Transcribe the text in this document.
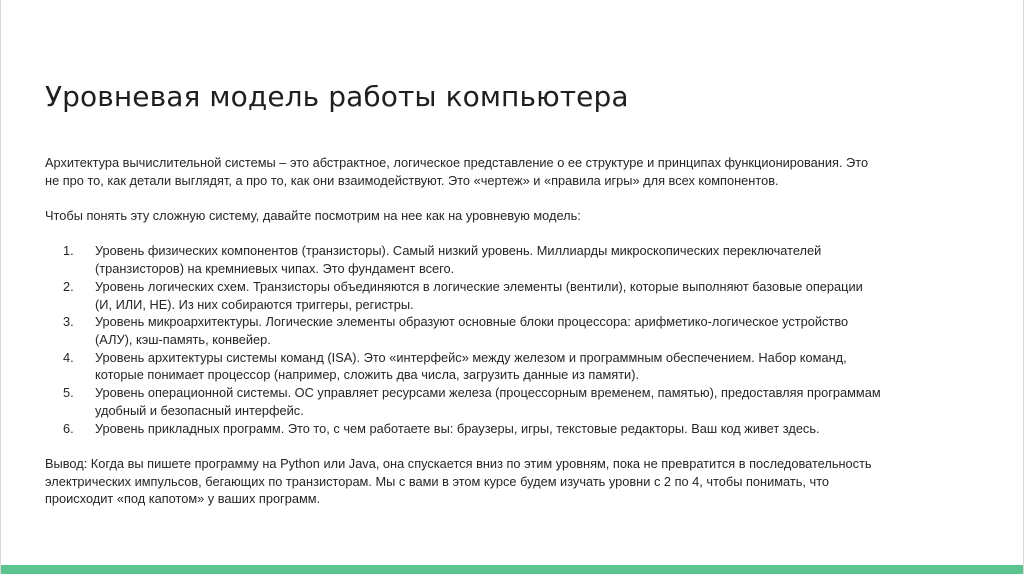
Уровневая модель работы компьютера

Архитектура вычислительной системы – это абстрактное, логическое представление о ее структуре и принципах функционирования. Это
не про то, как детали выглядят, а про то, как они взаимодействуют. Это «чертеж» и «правила игры» для всех компонентов.

Чтобы понять эту сложную систему, давайте посмотрим на нее как на уровневую модель:

1. Уровень физических компонентов (транзисторы). Самый низкий уровень. Миллиарды микроскопических переключателей
(транзисторов) на кремниевых чипах. Это фундамент всего.
2. Уровень логических схем. Транзисторы объединяются в логические элементы (вентили), которые выполняют базовые операции
(И, ИЛИ, НЕ). Из них собираются триггеры, регистры.
3. Уровень микроархитектуры. Логические элементы образуют основные блоки процессора: арифметико-логическое устройство
(АЛУ), кэш-память, конвейер.
4. Уровень архитектуры системы команд (ISA). Это «интерфейс» между железом и программным обеспечением. Набор команд,
которые понимает процессор (например, сложить два числа, загрузить данные из памяти).
5. Уровень операционной системы. ОС управляет ресурсами железа (процессорным временем, памятью), предоставляя программам
удобный и безопасный интерфейс.
6. Уровень прикладных программ. Это то, с чем работаете вы: браузеры, игры, текстовые редакторы. Ваш код живет здесь.

Вывод: Когда вы пишете программу на Python или Java, она спускается вниз по этим уровням, пока не превратится в последовательность
электрических импульсов, бегающих по транзисторам. Мы с вами в этом курсе будем изучать уровни с 2 по 4, чтобы понимать, что
происходит «под капотом» у ваших программ.
